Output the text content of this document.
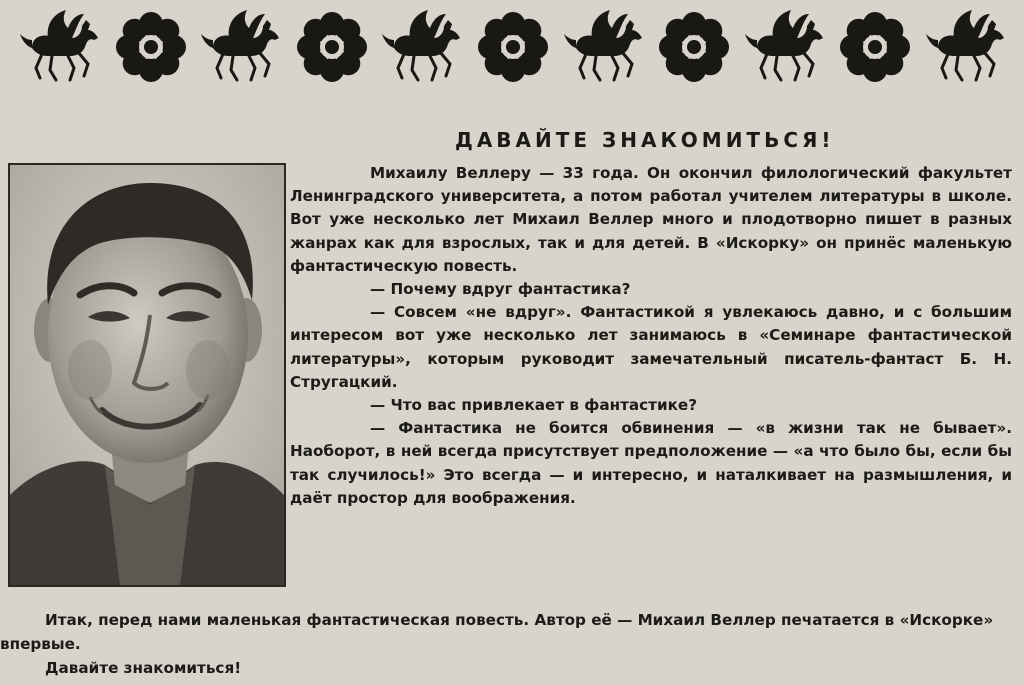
ДАВАЙТЕ ЗНАКОМИТЬСЯ!

Михаилу Веллеру — 33 года. Он окончил филологический факультет Ленинградского университета, а потом работал учителем литературы в школе. Вот уже несколько лет Михаил Веллер много и плодотворно пишет в разных жанрах как для взрослых, так и для детей. В «Искорку» он принёс маленькую фантастическую повесть.

— Почему вдруг фантастика?

— Совсем «не вдруг». Фантастикой я увлекаюсь давно, и с большим интересом вот уже несколько лет занимаюсь в «Семинаре фантастической литературы», которым руководит замечательный писатель-фантаст Б. Н. Стругацкий.

— Что вас привлекает в фантастике?

— Фантастика не боится обвинения — «в жизни так не бывает». Наоборот, в ней всегда присутствует предположение — «а что было бы, если бы так случилось!» Это всегда — и интересно, и наталкивает на размышления, и даёт простор для воображения.

Итак, перед нами маленькая фантастическая повесть. Автор её — Михаил Веллер печатается в «Искорке» впервые.

Давайте знакомиться!
